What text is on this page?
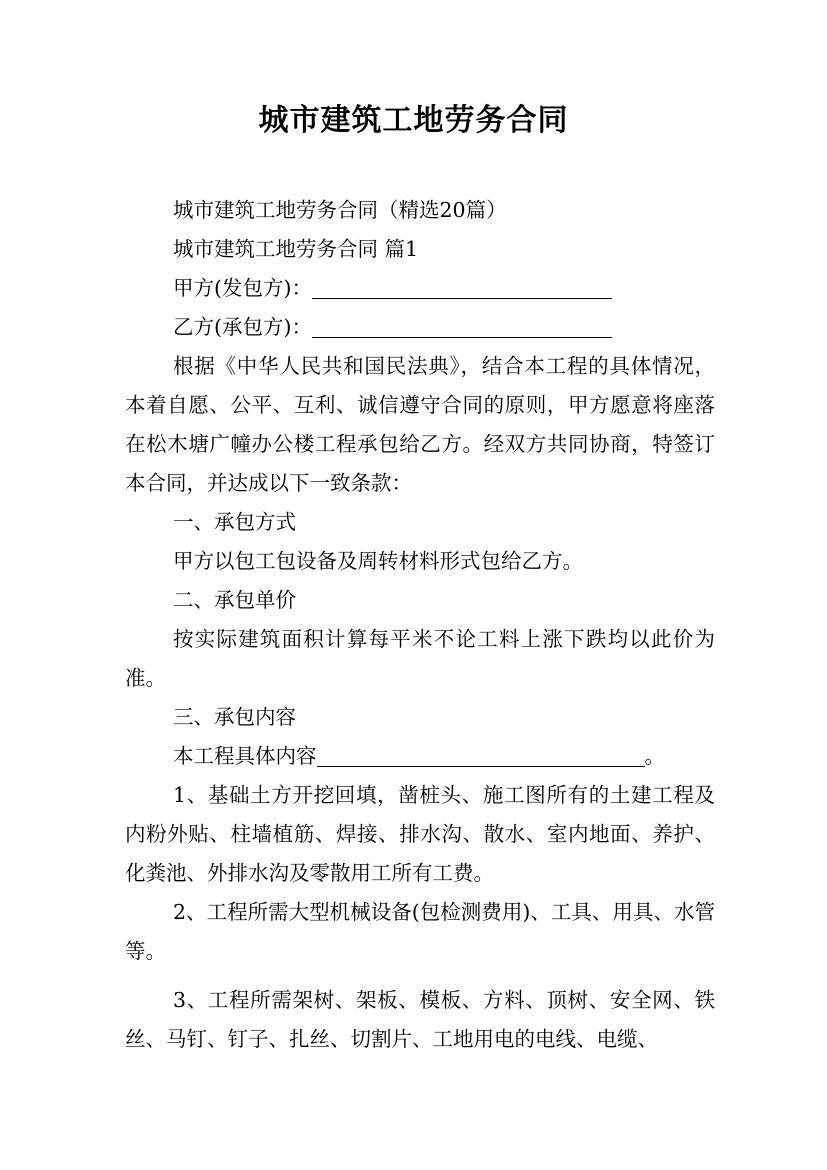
城市建筑工地劳务合同

城市建筑工地劳务合同（精选20篇）

城市建筑工地劳务合同 篇1

甲方(发包方)：

乙方(承包方)：

根据《中华人民共和国民法典》，结合本工程的具体情况，本着自愿、公平、互利、诚信遵守合同的原则，甲方愿意将座落在松木塘广幢办公楼工程承包给乙方。经双方共同协商，特签订本合同，并达成以下一致条款：

一、承包方式

甲方以包工包设备及周转材料形式包给乙方。

二、承包单价

按实际建筑面积计算每平米不论工料上涨下跌均以此价为准。

三、承包内容

本工程具体内容	。

1、基础土方开挖回填，凿桩头、施工图所有的土建工程及内粉外贴、柱墙植筋、焊接、排水沟、散水、室内地面、养护、化粪池、外排水沟及零散用工所有工费。

2、工程所需大型机械设备(包检测费用)、工具、用具、水管等。

3、工程所需架树、架板、模板、方料、顶树、安全网、铁丝、马钉、钉子、扎丝、切割片、工地用电的电线、电缆、
